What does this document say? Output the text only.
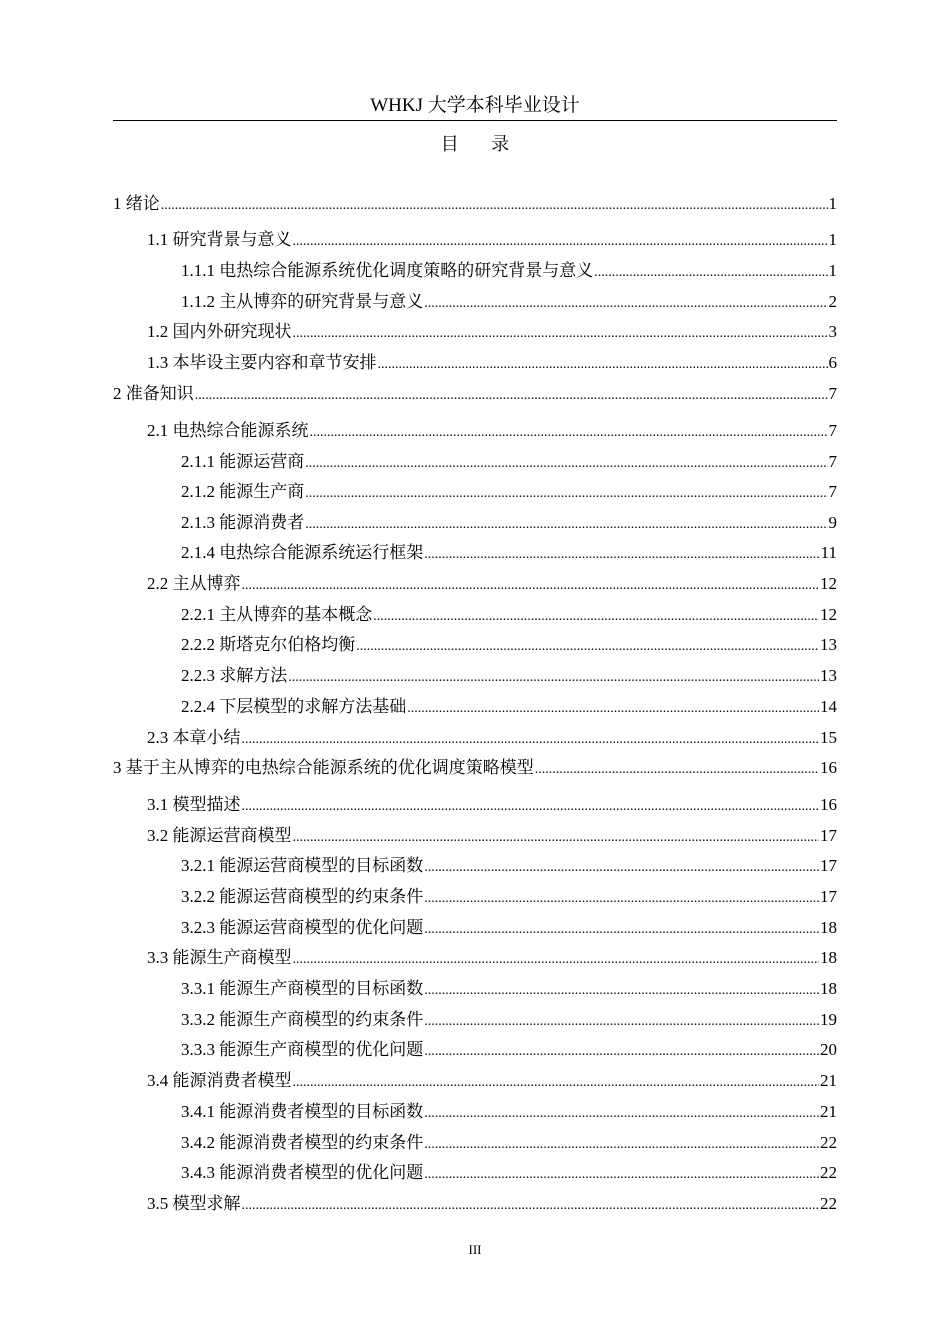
WHKJ 大学本科毕业设计
目 录
1 绪论 .....	1
1.1 研究背景与意义 .....	1
1.1.1 电热综合能源系统优化调度策略的研究背景与意义 .....	1
1.1.2 主从博弈的研究背景与意义 .....	2
1.2 国内外研究现状 .....	3
1.3 本毕设主要内容和章节安排 .....	6
2 准备知识 .....	7
2.1 电热综合能源系统 .....	7
2.1.1 能源运营商 .....	7
2.1.2 能源生产商 .....	7
2.1.3 能源消费者 .....	9
2.1.4 电热综合能源系统运行框架 .....	11
2.2 主从博弈 .....	12
2.2.1 主从博弈的基本概念 .....	12
2.2.2 斯塔克尔伯格均衡 .....	13
2.2.3 求解方法 .....	13
2.2.4 下层模型的求解方法基础 .....	14
2.3 本章小结 .....	15
3 基于主从博弈的电热综合能源系统的优化调度策略模型 .....	16
3.1 模型描述 .....	16
3.2 能源运营商模型 .....	17
3.2.1 能源运营商模型的目标函数 .....	17
3.2.2 能源运营商模型的约束条件 .....	17
3.2.3 能源运营商模型的优化问题 .....	18
3.3 能源生产商模型 .....	18
3.3.1 能源生产商模型的目标函数 .....	18
3.3.2 能源生产商模型的约束条件 .....	19
3.3.3 能源生产商模型的优化问题 .....	20
3.4 能源消费者模型 .....	21
3.4.1 能源消费者模型的目标函数 .....	21
3.4.2 能源消费者模型的约束条件 .....	22
3.4.3 能源消费者模型的优化问题 .....	22
3.5 模型求解 .....	22
III
